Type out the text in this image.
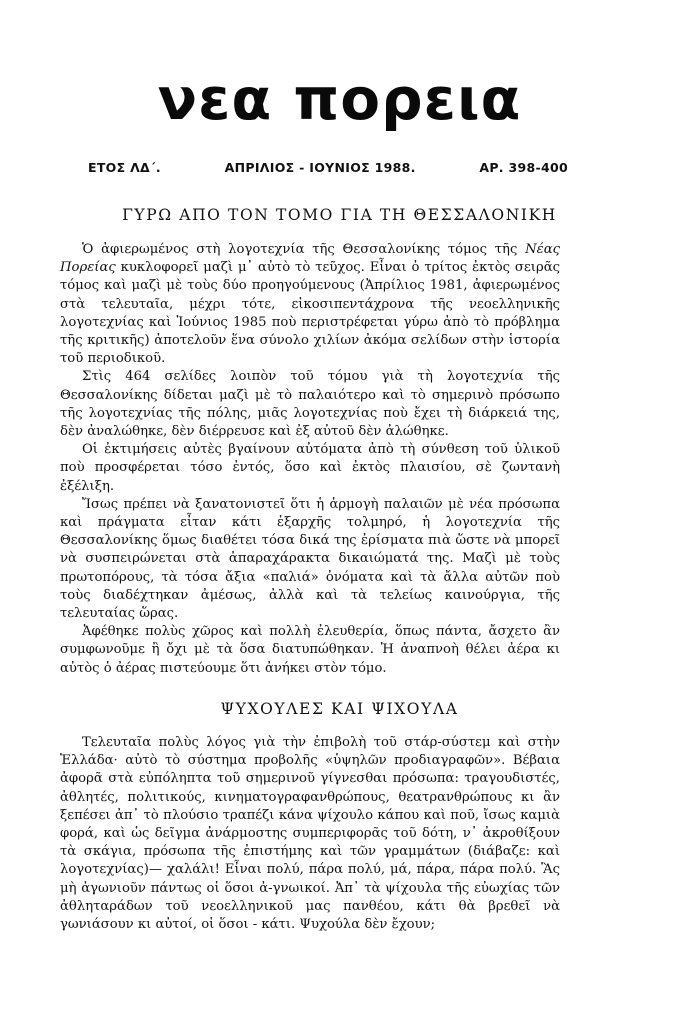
νεα πορεια
ΕΤΟΣ ΛΔ΄.	ΑΠΡΙΛΙΟΣ - ΙΟΥΝΙΟΣ 1988.	ΑΡ. 398-400
ΓΥΡΩ ΑΠΟ ΤΟΝ ΤΟΜΟ ΓΙΑ ΤΗ ΘΕΣΣΑΛΟΝΙΚΗ

Ὁ ἀφιερωμένος στὴ λογοτεχνία τῆς Θεσσαλονίκης τόμος τῆς Νέας Πορείας κυκλοφορεῖ μαζὶ μ᾽ αὐτὸ τὸ τεῦχος. Εἶναι ὁ τρίτος ἐκτὸς σειρᾶς τόμος καὶ μαζὶ μὲ τοὺς δύο προηγούμενους (Ἀπρίλιος 1981, ἀφιερωμένος στὰ τελευταῖα, μέχρι τότε, εἰκοσιπεντάχρονα τῆς νεοελληνικῆς λογοτεχνίας καὶ Ἰούνιος 1985 ποὺ περιστρέφεται γύρω ἀπὸ τὸ πρόβλημα τῆς κριτικῆς) ἀποτελοῦν ἕνα σύνολο χιλίων ἀκόμα σελίδων στὴν ἱστορία τοῦ περιοδικοῦ.

Στὶς 464 σελίδες λοιπὸν τοῦ τόμου γιὰ τὴ λογοτεχνία τῆς Θεσσαλονίκης δίδεται μαζὶ μὲ τὸ παλαιότερο καὶ τὸ σημερινὸ πρόσωπο τῆς λογοτεχνίας τῆς πόλης, μιᾶς λογοτεχνίας ποὺ ἔχει τὴ διάρκειά της, δὲν ἀναλώθηκε, δὲν διέρρευσε καὶ ἐξ αὐτοῦ δὲν ἀλώθηκε.

Οἱ ἐκτιμήσεις αὐτὲς βγαίνουν αὐτόματα ἀπὸ τὴ σύνθεση τοῦ ὑλικοῦ ποὺ προσφέρεται τόσο ἐντός, ὅσο καὶ ἐκτὸς πλαισίου, σὲ ζωντανὴ ἐξέλιξη.

Ἴσως πρέπει νὰ ξανατονιστεῖ ὅτι ἡ ἁρμογὴ παλαιῶν μὲ νέα πρόσωπα καὶ πράγματα εἶταν κάτι ἐξαρχῆς τολμηρό, ἡ λογοτεχνία τῆς Θεσσαλονίκης ὅμως διαθέτει τόσα δικά της ἐρίσματα πιὰ ὥστε νὰ μπορεῖ νὰ συσπειρώνεται στὰ ἀπαραχάρακτα δικαιώματά της. Μαζὶ μὲ τοὺς πρωτοπόρους, τὰ τόσα ἄξια «παλιά» ὀνόματα καὶ τὰ ἄλλα αὐτῶν ποὺ τοὺς διαδέχτηκαν ἀμέσως, ἀλλὰ καὶ τὰ τελείως καινούργια, τῆς τελευταίας ὥρας.

Ἀφέθηκε πολὺς χῶρος καὶ πολλὴ ἐλευθερία, ὅπως πάντα, ἄσχετο ἂν συμφωνοῦμε ἢ ὄχι μὲ τὰ ὅσα διατυπώθηκαν. Ἡ ἀναπνοὴ θέλει ἀέρα κι αὐτὸς ὁ ἀέρας πιστεύουμε ὅτι ἀνήκει στὸν τόμο.

ΨΥΧΟΥΛΕΣ ΚΑΙ ΨΙΧΟΥΛΑ

Τελευταῖα πολὺς λόγος γιὰ τὴν ἐπιβολὴ τοῦ στάρ-σύστεμ καὶ στὴν Ἑλλάδα· αὐτὸ τὸ σύστημα προβολῆς «ὑψηλῶν προδιαγραφῶν». Βέβαια ἀφορᾶ στὰ εὐπόληπτα τοῦ σημερινοῦ γίγνεσθαι πρόσωπα: τραγουδιστές, ἀθλητές, πολιτικούς, κινηματογραφανθρώπους, θεατρανθρώπους κι ἂν ξεπέσει ἀπ᾽ τὸ πλούσιο τραπέζι κάνα ψίχουλο κάπου καὶ ποῦ, ἴσως καμιὰ φορά, καὶ ὡς δεῖγμα ἀνάρμοστης συμπεριφορᾶς τοῦ δότη, ν᾽ ἀκροθίξουν τὰ σκάγια, πρόσωπα τῆς ἐπιστήμης καὶ τῶν γραμμάτων (διάβαζε: καὶ λογοτεχνίας)— χαλάλι! Εἶναι πολύ, πάρα πολύ, μά, πάρα, πάρα πολύ. Ἂς μὴ ἀγωνιοῦν πάντως οἱ ὅσοι ἀ-γνωικοί. Ἀπ᾽ τὰ ψίχουλα τῆς εὐωχίας τῶν ἀθληταράδων τοῦ νεοελληνικοῦ μας πανθέου, κάτι θὰ βρεθεῖ νὰ γωνιάσουν κι αὐτοί, οἱ ὅσοι - κάτι. Ψυχούλα δὲν ἔχουν;
